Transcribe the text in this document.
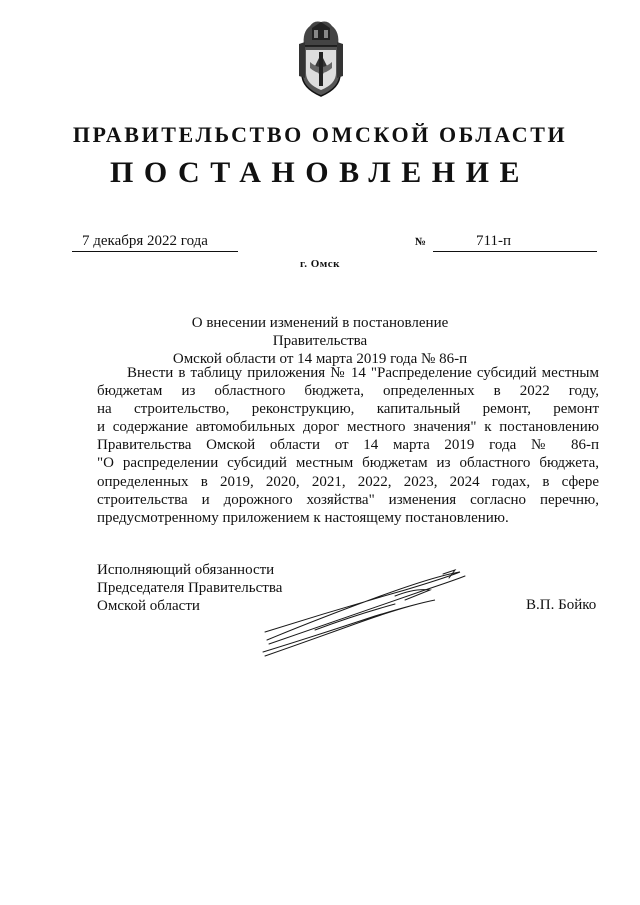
ПРАВИТЕЛЬСТВО ОМСКОЙ ОБЛАСТИ
ПОСТАНОВЛЕНИЕ
7 декабря 2022 года	№	711-п
г. Омск
О внесении изменений в постановление Правительства
Омской области от 14 марта 2019 года № 86-п
Внести в таблицу приложения № 14 "Распределение субсидий местным
бюджетам из областного бюджета, определенных в 2022 году,
на строительство, реконструкцию, капитальный ремонт, ремонт
и содержание автомобильных дорог местного значения" к постановлению
Правительства Омской области от 14 марта 2019 года № 86-п
"О распределении субсидий местным бюджетам из областного бюджета,
определенных в 2019, 2020, 2021, 2022, 2023, 2024 годах, в сфере
строительства и дорожного хозяйства" изменения согласно перечню,
предусмотренному приложением к настоящему постановлению.
Исполняющий обязанности
Председателя Правительства
Омской области	В.П. Бойко
